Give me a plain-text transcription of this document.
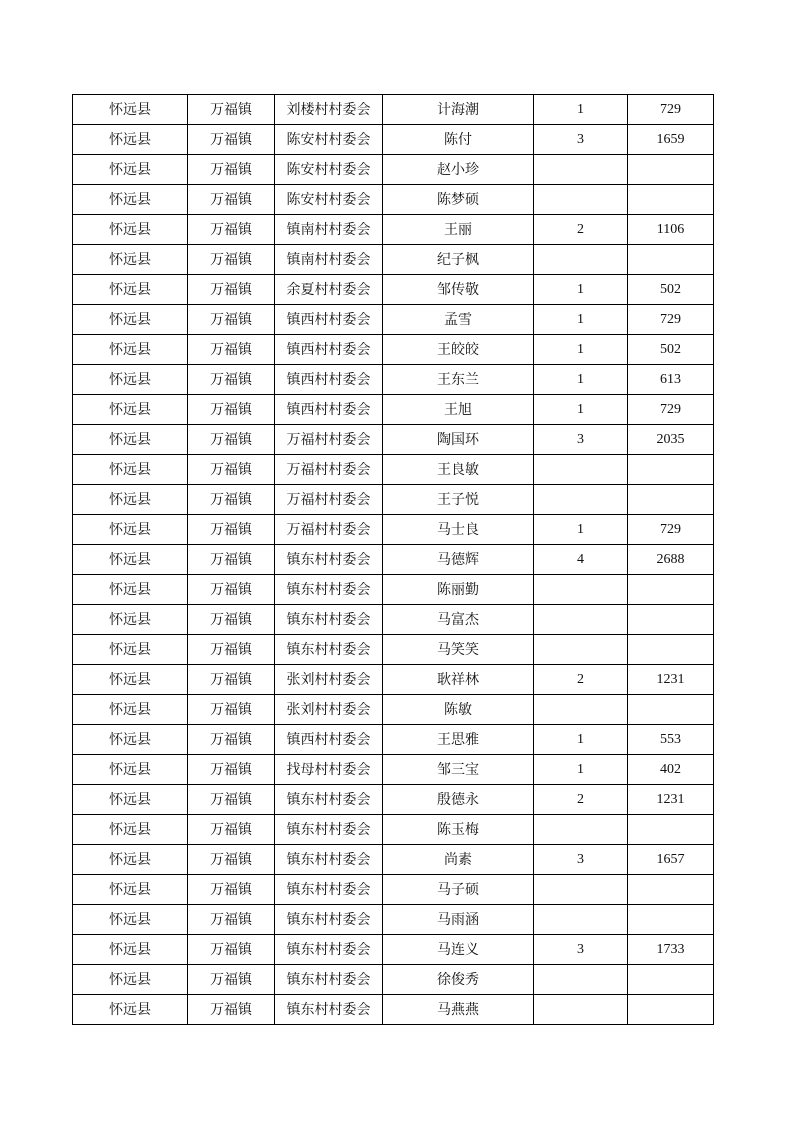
怀远县	万福镇	刘楼村村委会	计海潮	1	729
怀远县	万福镇	陈安村村委会	陈付	3	1659
怀远县	万福镇	陈安村村委会	赵小珍		
怀远县	万福镇	陈安村村委会	陈梦硕		
怀远县	万福镇	镇南村村委会	王丽	2	1106
怀远县	万福镇	镇南村村委会	纪子枫		
怀远县	万福镇	余夏村村委会	邹传敬	1	502
怀远县	万福镇	镇西村村委会	孟雪	1	729
怀远县	万福镇	镇西村村委会	王皎皎	1	502
怀远县	万福镇	镇西村村委会	王东兰	1	613
怀远县	万福镇	镇西村村委会	王旭	1	729
怀远县	万福镇	万福村村委会	陶国环	3	2035
怀远县	万福镇	万福村村委会	王良敏		
怀远县	万福镇	万福村村委会	王子悦		
怀远县	万福镇	万福村村委会	马士良	1	729
怀远县	万福镇	镇东村村委会	马德辉	4	2688
怀远县	万福镇	镇东村村委会	陈丽勤		
怀远县	万福镇	镇东村村委会	马富杰		
怀远县	万福镇	镇东村村委会	马笑笑		
怀远县	万福镇	张刘村村委会	耿祥林	2	1231
怀远县	万福镇	张刘村村委会	陈敏		
怀远县	万福镇	镇西村村委会	王思雅	1	553
怀远县	万福镇	找母村村委会	邹三宝	1	402
怀远县	万福镇	镇东村村委会	殷德永	2	1231
怀远县	万福镇	镇东村村委会	陈玉梅		
怀远县	万福镇	镇东村村委会	尚素	3	1657
怀远县	万福镇	镇东村村委会	马子硕		
怀远县	万福镇	镇东村村委会	马雨涵		
怀远县	万福镇	镇东村村委会	马连义	3	1733
怀远县	万福镇	镇东村村委会	徐俊秀		
怀远县	万福镇	镇东村村委会	马燕燕		
